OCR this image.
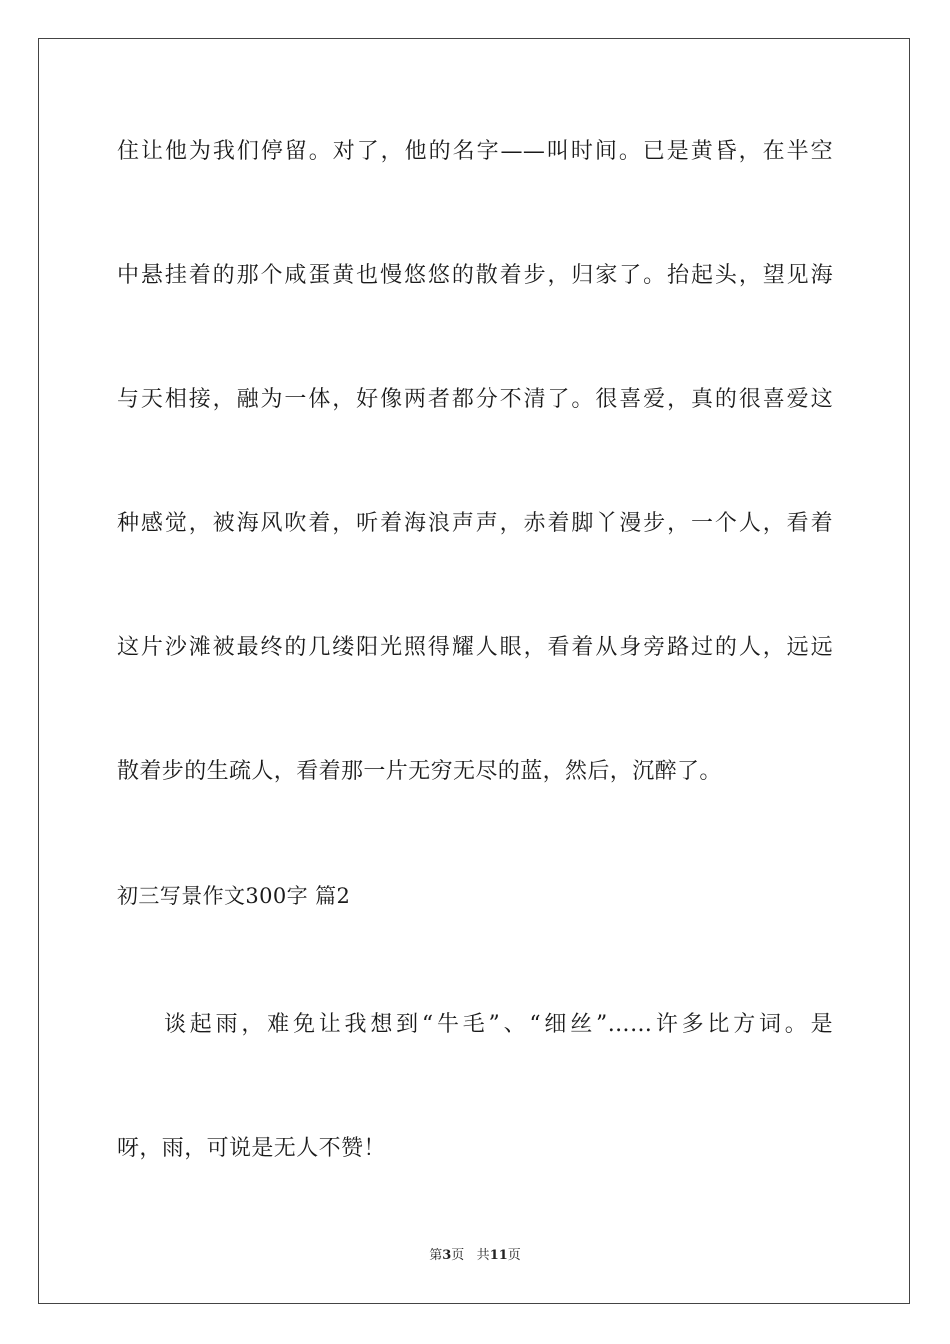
住让他为我们停留。对了，他的名字——叫时间。已是黄昏，在半空
中悬挂着的那个咸蛋黄也慢悠悠的散着步，归家了。抬起头，望见海
与天相接，融为一体，好像两者都分不清了。很喜爱，真的很喜爱这
种感觉，被海风吹着，听着海浪声声，赤着脚丫漫步，一个人，看着
这片沙滩被最终的几缕阳光照得耀人眼，看着从身旁路过的人，远远
散着步的生疏人，看着那一片无穷无尽的蓝，然后，沉醉了。
初三写景作文300字 篇2
谈起雨，难免让我想到“牛毛”、“细丝”……许多比方词。是
呀，雨，可说是无人不赞！
第3页 共11页
